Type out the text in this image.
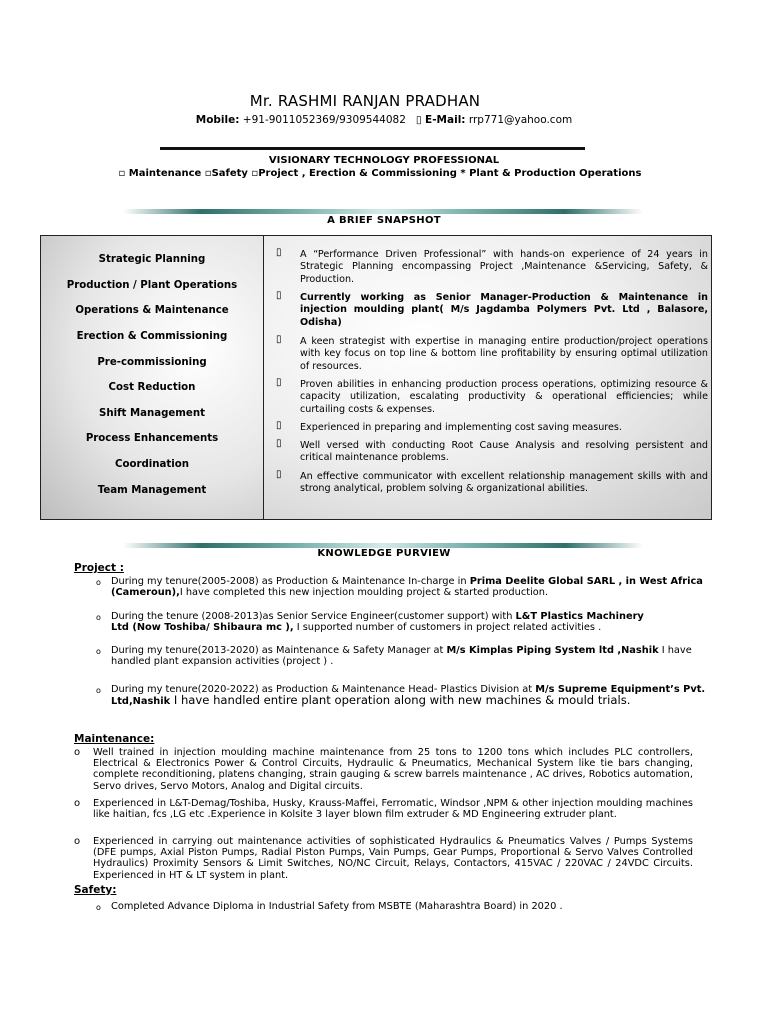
Mr. RASHMI RANJAN PRADHAN
Mobile: +91-9011052369/9309544082 ▯ E-Mail: rrp771@yahoo.com
VISIONARY TECHNOLOGY PROFESSIONAL
▫ Maintenance ▫Safety ▫Project , Erection & Commissioning * Plant & Production Operations
A BRIEF SNAPSHOT
Strategic Planning
Production / Plant Operations
Operations & Maintenance
Erection & Commissioning
Pre-commissioning
Cost Reduction
Shift Management
Process Enhancements
Coordination
Team Management
▯ A “Performance Driven Professional” with hands-on experience of 24 years in Strategic Planning encompassing Project ,Maintenance &Servicing, Safety, & Production.
▯ Currently working as Senior Manager-Production & Maintenance in injection moulding plant( M/s Jagdamba Polymers Pvt. Ltd , Balasore, Odisha)
▯ A keen strategist with expertise in managing entire production/project operations with key focus on top line & bottom line profitability by ensuring optimal utilization of resources.
▯ Proven abilities in enhancing production process operations, optimizing resource & capacity utilization, escalating productivity & operational efficiencies; while curtailing costs & expenses.
▯ Experienced in preparing and implementing cost saving measures.
▯ Well versed with conducting Root Cause Analysis and resolving persistent and critical maintenance problems.
▯ An effective communicator with excellent relationship management skills with and strong analytical, problem solving & organizational abilities.
KNOWLEDGE PURVIEW
Project :
o During my tenure(2005-2008) as Production & Maintenance In-charge in Prima Deelite Global SARL , in West Africa (Cameroun),I have completed this new injection moulding project & started production.
o During the tenure (2008-2013)as Senior Service Engineer(customer support) with L&T Plastics Machinery Ltd (Now Toshiba/ Shibaura mc ), I supported number of customers in project related activities .
o During my tenure(2013-2020) as Maintenance & Safety Manager at M/s Kimplas Piping System ltd ,Nashik I have handled plant expansion activities (project ) .
o During my tenure(2020-2022) as Production & Maintenance Head- Plastics Division at M/s Supreme Equipment’s Pvt. Ltd,Nashik I have handled entire plant operation along with new machines & mould trials.
Maintenance:
o Well trained in injection moulding machine maintenance from 25 tons to 1200 tons which includes PLC controllers, Electrical & Electronics Power & Control Circuits, Hydraulic & Pneumatics, Mechanical System like tie bars changing, complete reconditioning, platens changing, strain gauging & screw barrels maintenance , AC drives, Robotics automation, Servo drives, Servo Motors, Analog and Digital circuits.
o Experienced in L&T-Demag/Toshiba, Husky, Krauss-Maffei, Ferromatic, Windsor ,NPM & other injection moulding machines like haitian, fcs ,LG etc .Experience in Kolsite 3 layer blown film extruder & MD Engineering extruder plant.
o Experienced in carrying out maintenance activities of sophisticated Hydraulics & Pneumatics Valves / Pumps Systems (DFE pumps, Axial Piston Pumps, Radial Piston Pumps, Vain Pumps, Gear Pumps, Proportional & Servo Valves Controlled Hydraulics) Proximity Sensors & Limit Switches, NO/NC Circuit, Relays, Contactors, 415VAC / 220VAC / 24VDC Circuits. Experienced in HT & LT system in plant.
Safety:
o Completed Advance Diploma in Industrial Safety from MSBTE (Maharashtra Board) in 2020 .
